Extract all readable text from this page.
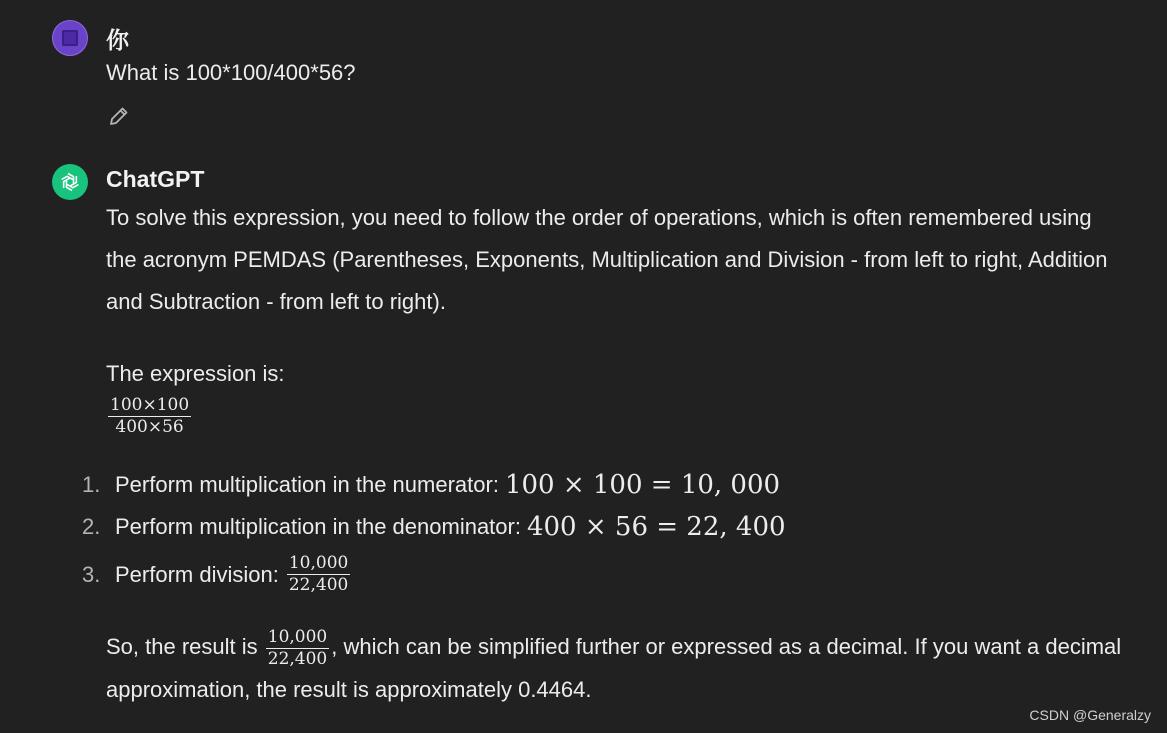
你
What is 100*100/400*56?
ChatGPT
To solve this expression, you need to follow the order of operations, which is often remembered using the acronym PEMDAS (Parentheses, Exponents, Multiplication and Division - from left to right, Addition and Subtraction - from left to right).
The expression is:
$\frac{100\times 100}{400\times 56}$
1. Perform multiplication in the numerator: 100 × 100 = 10, 000
2. Perform multiplication in the denominator: 400 × 56 = 22, 400
3. Perform division: $\frac{10,000}{22,400}$
So, the result is $\frac{10,000}{22,400}$ , which can be simplified further or expressed as a decimal. If you want a decimal approximation, the result is approximately 0.4464.
CSDN @Generalzy
